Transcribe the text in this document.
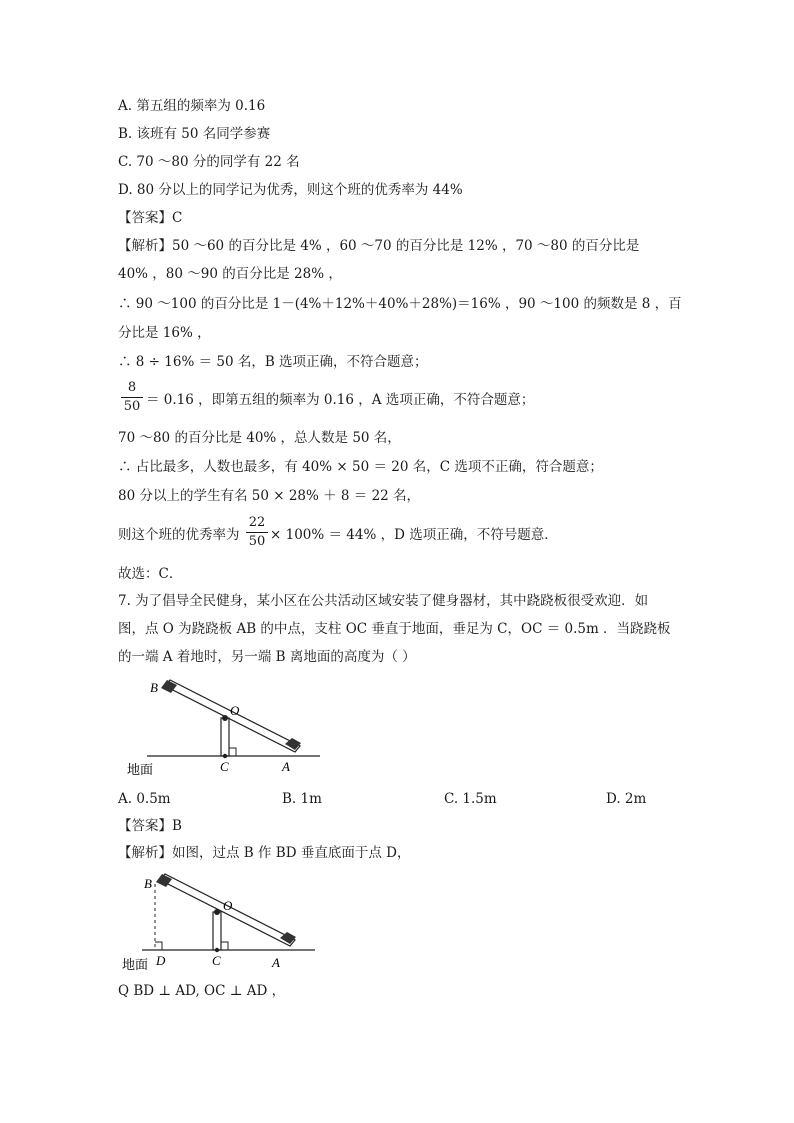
A. 第五组的频率为 0.16
B. 该班有 50 名同学参赛
C. 70 ～80 分的同学有 22 名
D. 80 分以上的同学记为优秀，则这个班的优秀率为 44%
【答案】C
【解析】50 ～60 的百分比是 4% ，60 ～70 的百分比是 12% ，70 ～80 的百分比是
40% ，80 ～90 的百分比是 28% ，
∴ 90 ～100 的百分比是 1－(4%＋12%＋40%＋28%)＝16% ，90 ～100 的频数是 8 ，百
分比是 16% ，
∴ 8 ÷ 16% ＝ 50 名，B 选项正确，不符合题意；
8
50 ＝ 0.16 ，即第五组的频率为 0.16 ，A 选项正确，不符合题意；
70 ～80 的百分比是 40% ，总人数是 50 名，
∴ 占比最多，人数也最多，有 40% × 50 ＝ 20 名，C 选项不正确，符合题意；
80 分以上的学生有名 50 × 28% ＋ 8 ＝ 22 名，
则这个班的优秀率为
22
50 × 100% ＝ 44% ，D 选项正确，不符号题意．
故选：C．
7. 为了倡导全民健身，某小区在公共活动区域安装了健身器材，其中跷跷板很受欢迎．如
图，点 O 为跷跷板 AB 的中点，支柱 OC 垂直于地面，垂足为 C，OC ＝ 0.5m ．当跷跷板
的一端 A 着地时，另一端 B 离地面的高度为（ ）
B
O
C	A
地面
A. 0.5m	B. 1m	C. 1.5m	D. 2m
【答案】B
【解析】如图，过点 B 作 BD 垂直底面于点 D，
B
O
D	C	A
地面
Q BD ⊥ AD, OC ⊥ AD ，
